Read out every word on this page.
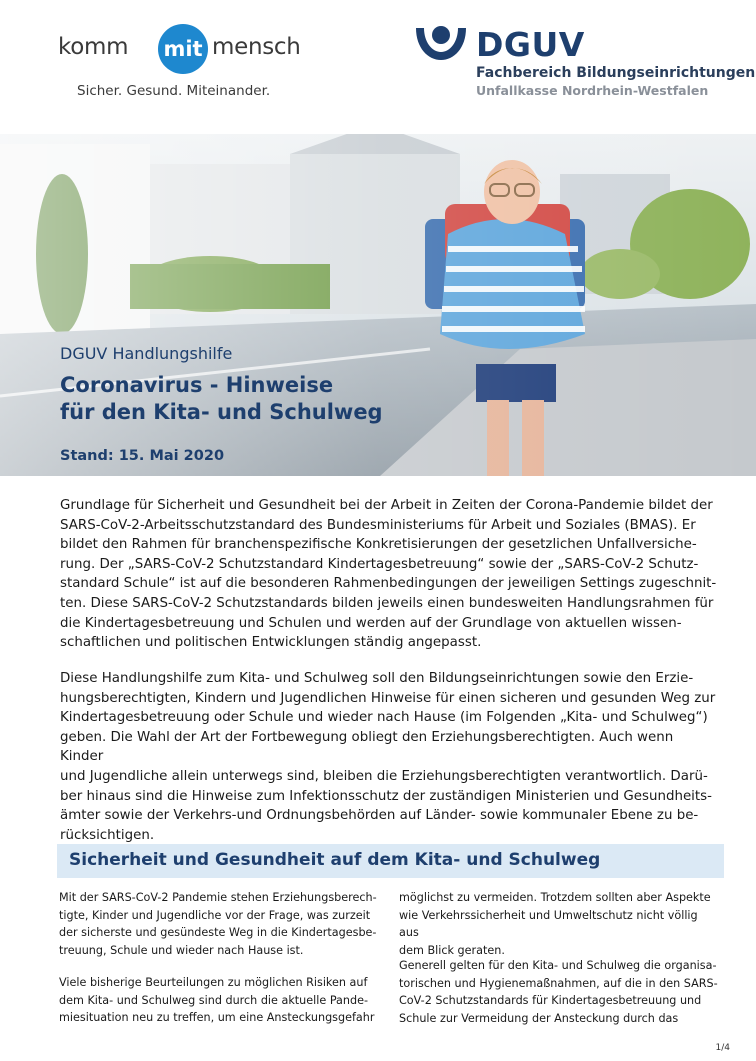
komm mit mensch
Sicher. Gesund. Miteinander.
DGUV
Fachbereich Bildungseinrichtungen
Unfallkasse Nordrhein-Westfalen
DGUV Handlungshilfe
Coronavirus - Hinweise
für den Kita- und Schulweg
Stand: 15. Mai 2020

Grundlage für Sicherheit und Gesundheit bei der Arbeit in Zeiten der Corona-Pandemie bildet der
SARS-CoV-2-Arbeitsschutzstandard des Bundesministeriums für Arbeit und Soziales (BMAS). Er
bildet den Rahmen für branchenspezifische Konkretisierungen der gesetzlichen Unfallversiche-
rung. Der „SARS-CoV-2 Schutzstandard Kindertagesbetreuung“ sowie der „SARS-CoV-2 Schutz-
standard Schule“ ist auf die besonderen Rahmenbedingungen der jeweiligen Settings zugeschnit-
ten. Diese SARS-CoV-2 Schutzstandards bilden jeweils einen bundesweiten Handlungsrahmen für
die Kindertagesbetreuung und Schulen und werden auf der Grundlage von aktuellen wissen-
schaftlichen und politischen Entwicklungen ständig angepasst.

Diese Handlungshilfe zum Kita- und Schulweg soll den Bildungseinrichtungen sowie den Erzie-
hungsberechtigten, Kindern und Jugendlichen Hinweise für einen sicheren und gesunden Weg zur
Kindertagesbetreuung oder Schule und wieder nach Hause (im Folgenden „Kita- und Schulweg“)
geben. Die Wahl der Art der Fortbewegung obliegt den Erziehungsberechtigten. Auch wenn Kinder
und Jugendliche allein unterwegs sind, bleiben die Erziehungsberechtigten verantwortlich. Darü-
ber hinaus sind die Hinweise zum Infektionsschutz der zuständigen Ministerien und Gesundheits-
ämter sowie der Verkehrs-und Ordnungsbehörden auf Länder- sowie kommunaler Ebene zu be-
rücksichtigen.

Sicherheit und Gesundheit auf dem Kita- und Schulweg

Mit der SARS-CoV-2 Pandemie stehen Erziehungsberech-
tigte, Kinder und Jugendliche vor der Frage, was zurzeit
der sicherste und gesündeste Weg in die Kindertagesbe-
treuung, Schule und wieder nach Hause ist.

Viele bisherige Beurteilungen zu möglichen Risiken auf
dem Kita- und Schulweg sind durch die aktuelle Pande-
miesituation neu zu treffen, um eine Ansteckungsgefahr

möglichst zu vermeiden. Trotzdem sollten aber Aspekte
wie Verkehrssicherheit und Umweltschutz nicht völlig aus
dem Blick geraten.

Generell gelten für den Kita- und Schulweg die organisa-
torischen und Hygienemaßnahmen, auf die in den SARS-
CoV-2 Schutzstandards für Kindertagesbetreuung und
Schule zur Vermeidung der Ansteckung durch das

1/4
